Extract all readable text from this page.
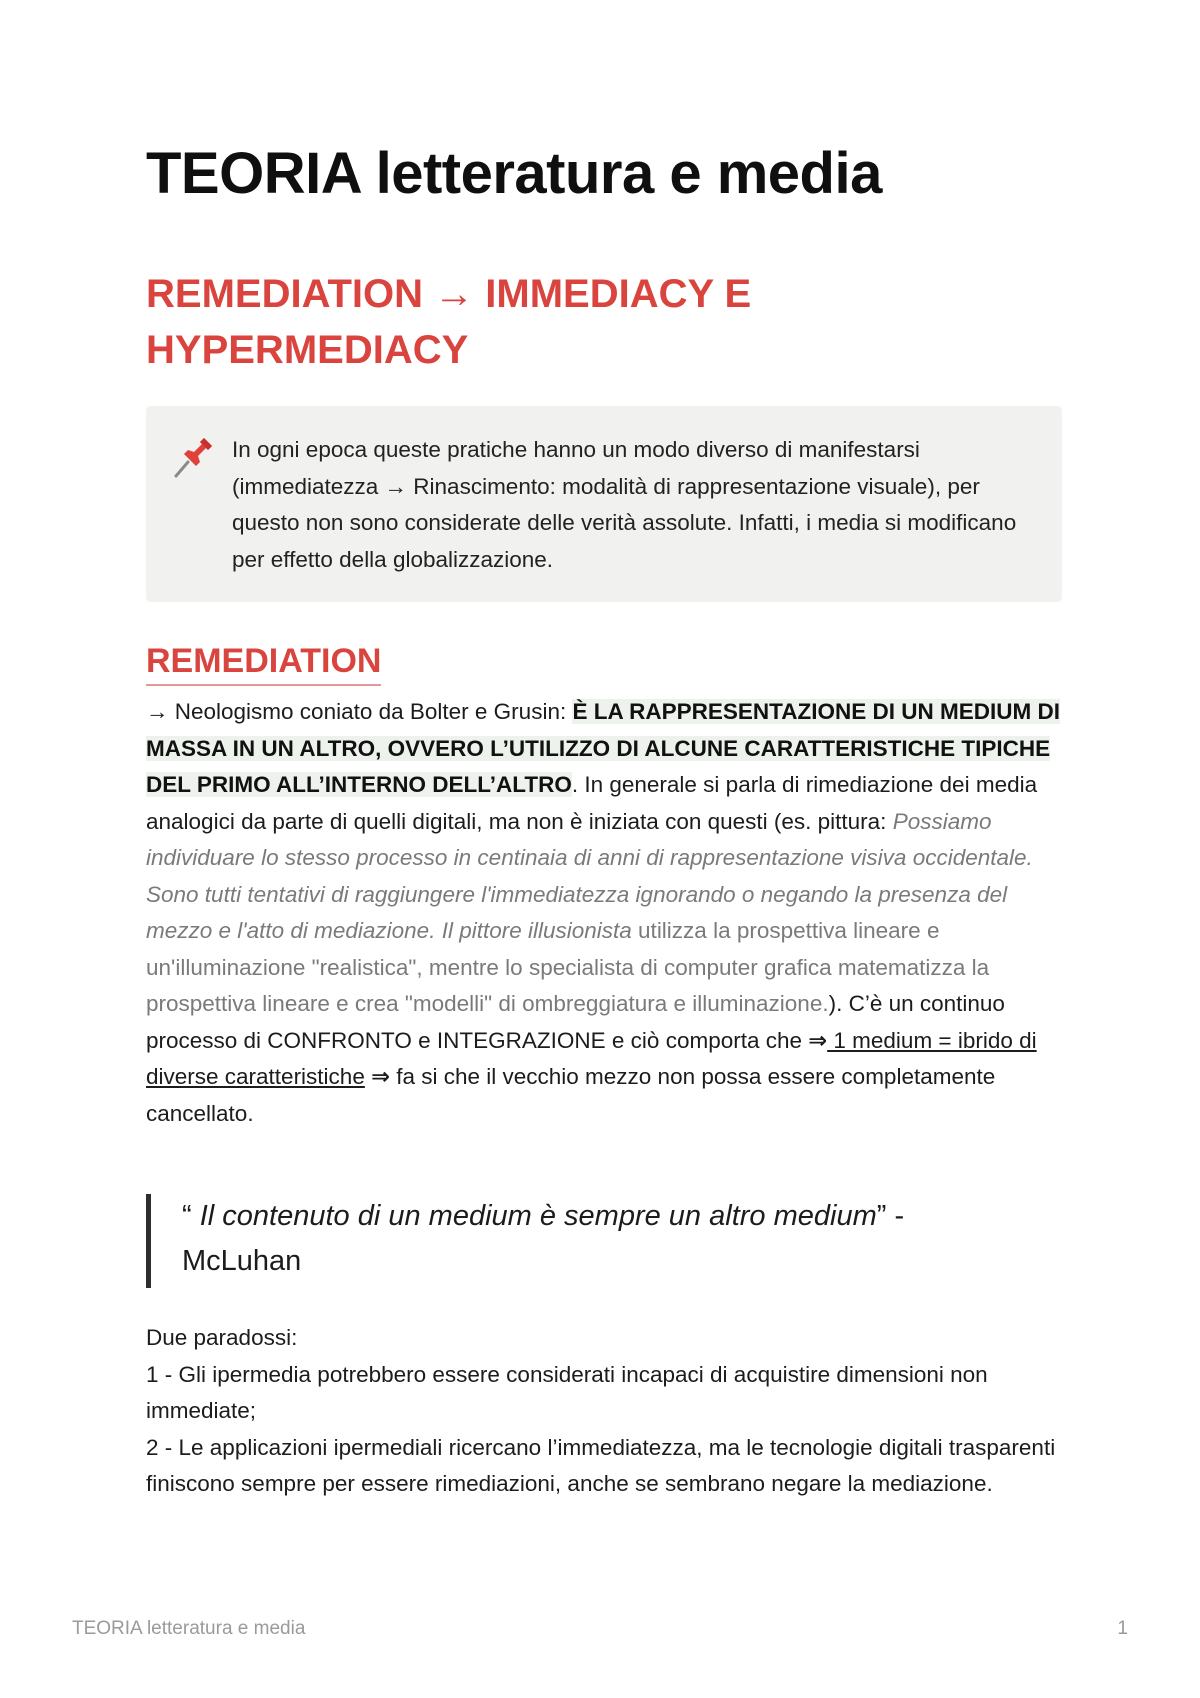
TEORIA letteratura e media
REMEDIATION → IMMEDIACY E HYPERMEDIACY

In ogni epoca queste pratiche hanno un modo diverso di manifestarsi (immediatezza → Rinascimento: modalità di rappresentazione visuale), per questo non sono considerate delle verità assolute. Infatti, i media si modificano per effetto della globalizzazione.

REMEDIATION

→ Neologismo coniato da Bolter e Grusin: È LA RAPPRESENTAZIONE DI UN MEDIUM DI MASSA IN UN ALTRO, OVVERO L’UTILIZZO DI ALCUNE CARATTERISTICHE TIPICHE DEL PRIMO ALL’INTERNO DELL’ALTRO. In generale si parla di rimediazione dei media analogici da parte di quelli digitali, ma non è iniziata con questi (es. pittura: Possiamo individuare lo stesso processo in centinaia di anni di rappresentazione visiva occidentale. Sono tutti tentativi di raggiungere l'immediatezza ignorando o negando la presenza del mezzo e l'atto di mediazione. Il pittore illusionista utilizza la prospettiva lineare e un'illuminazione "realistica", mentre lo specialista di computer grafica matematizza la prospettiva lineare e crea "modelli" di ombreggiatura e illuminazione.). C’è un continuo processo di CONFRONTO e INTEGRAZIONE e ciò comporta che ⇒ 1 medium = ibrido di diverse caratteristiche ⇒ fa si che il vecchio mezzo non possa essere completamente cancellato.

“ Il contenuto di un medium è sempre un altro medium” - McLuhan

Due paradossi:
1 - Gli ipermedia potrebbero essere considerati incapaci di acquistire dimensioni non immediate;
2 - Le applicazioni ipermediali ricercano l’immediatezza, ma le tecnologie digitali trasparenti finiscono sempre per essere rimediazioni, anche se sembrano negare la mediazione.
TEORIA letteratura e media	1
